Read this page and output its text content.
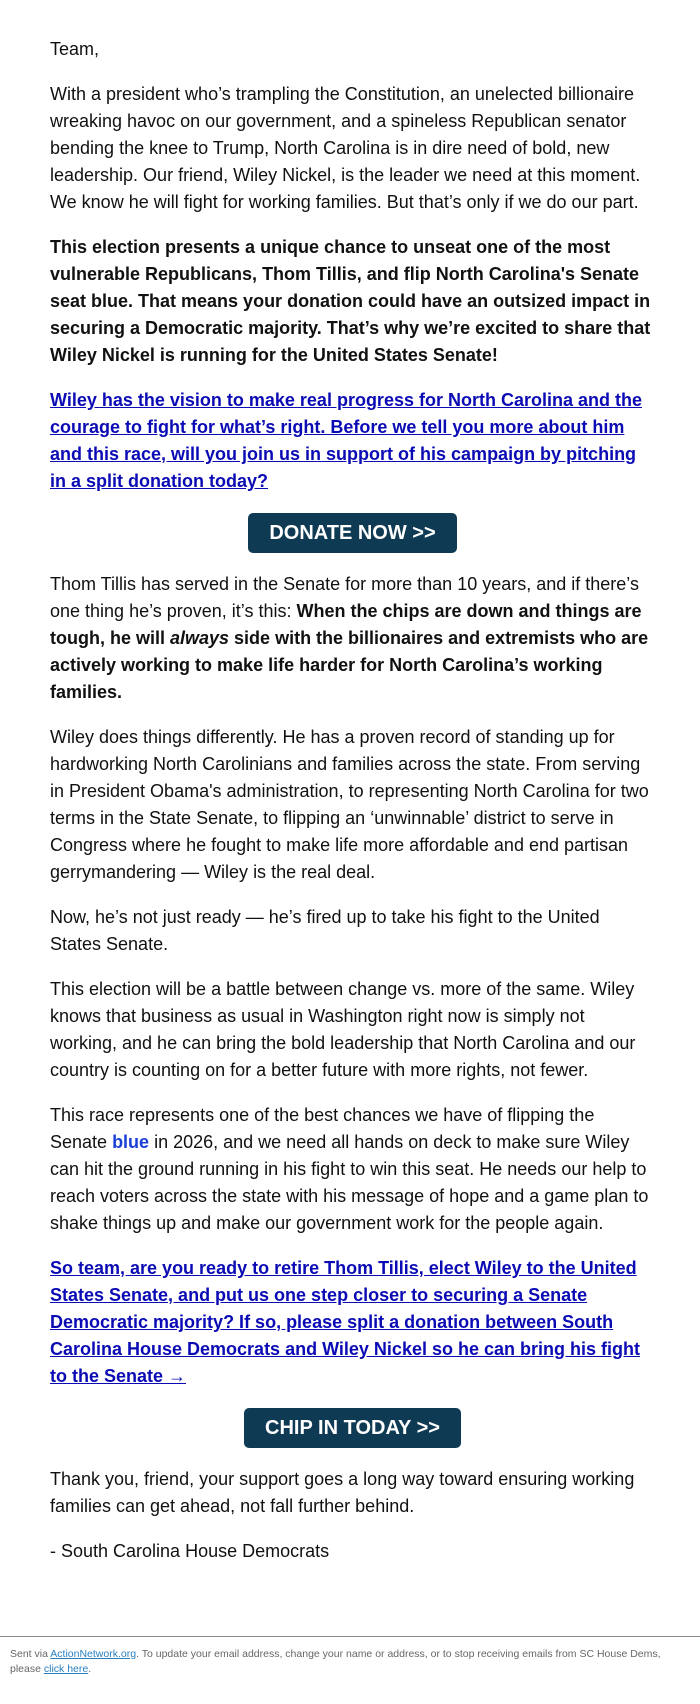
Team,

With a president who’s trampling the Constitution, an unelected billionaire wreaking havoc on our government, and a spineless Republican senator bending the knee to Trump, North Carolina is in dire need of bold, new leadership. Our friend, Wiley Nickel, is the leader we need at this moment. We know he will fight for working families. But that’s only if we do our part.

This election presents a unique chance to unseat one of the most vulnerable Republicans, Thom Tillis, and flip North Carolina's Senate seat blue. That means your donation could have an outsized impact in securing a Democratic majority. That’s why we’re excited to share that Wiley Nickel is running for the United States Senate!

Wiley has the vision to make real progress for North Carolina and the courage to fight for what’s right. Before we tell you more about him and this race, will you join us in support of his campaign by pitching in a split donation today?

DONATE NOW >>

Thom Tillis has served in the Senate for more than 10 years, and if there’s one thing he’s proven, it’s this: When the chips are down and things are tough, he will always side with the billionaires and extremists who are actively working to make life harder for North Carolina’s working families.

Wiley does things differently. He has a proven record of standing up for hardworking North Carolinians and families across the state. From serving in President Obama's administration, to representing North Carolina for two terms in the State Senate, to flipping an ‘unwinnable’ district to serve in Congress where he fought to make life more affordable and end partisan gerrymandering — Wiley is the real deal.

Now, he’s not just ready — he’s fired up to take his fight to the United States Senate.

This election will be a battle between change vs. more of the same. Wiley knows that business as usual in Washington right now is simply not working, and he can bring the bold leadership that North Carolina and our country is counting on for a better future with more rights, not fewer.

This race represents one of the best chances we have of flipping the Senate blue in 2026, and we need all hands on deck to make sure Wiley can hit the ground running in his fight to win this seat. He needs our help to reach voters across the state with his message of hope and a game plan to shake things up and make our government work for the people again.

So team, are you ready to retire Thom Tillis, elect Wiley to the United States Senate, and put us one step closer to securing a Senate Democratic majority? If so, please split a donation between South Carolina House Democrats and Wiley Nickel so he can bring his fight to the Senate →

CHIP IN TODAY >>

Thank you, friend, your support goes a long way toward ensuring working families can get ahead, not fall further behind.

- South Carolina House Democrats

Sent via ActionNetwork.org. To update your email address, change your name or address, or to stop receiving emails from SC House Dems, please click here.
